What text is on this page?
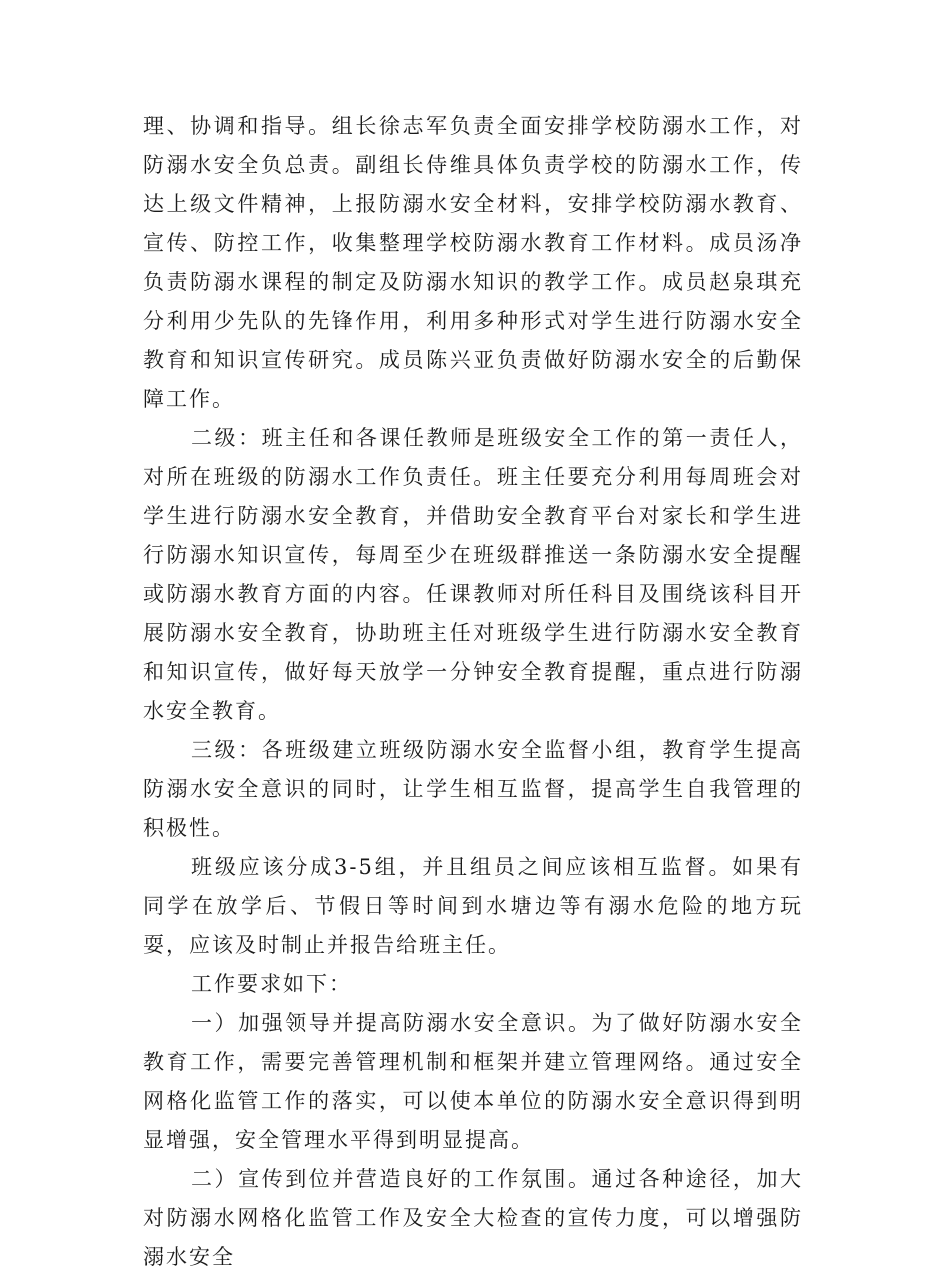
理、协调和指导。组长徐志军负责全面安排学校防溺水工作，对防溺水安全负总责。副组长侍维具体负责学校的防溺水工作，传达上级文件精神，上报防溺水安全材料，安排学校防溺水教育、宣传、防控工作，收集整理学校防溺水教育工作材料。成员汤净负责防溺水课程的制定及防溺水知识的教学工作。成员赵泉琪充分利用少先队的先锋作用，利用多种形式对学生进行防溺水安全教育和知识宣传研究。成员陈兴亚负责做好防溺水安全的后勤保障工作。

二级：班主任和各课任教师是班级安全工作的第一责任人，对所在班级的防溺水工作负责任。班主任要充分利用每周班会对学生进行防溺水安全教育，并借助安全教育平台对家长和学生进行防溺水知识宣传，每周至少在班级群推送一条防溺水安全提醒或防溺水教育方面的内容。任课教师对所任科目及围绕该科目开展防溺水安全教育，协助班主任对班级学生进行防溺水安全教育和知识宣传，做好每天放学一分钟安全教育提醒，重点进行防溺水安全教育。

三级：各班级建立班级防溺水安全监督小组，教育学生提高防溺水安全意识的同时，让学生相互监督，提高学生自我管理的积极性。

班级应该分成3-5组，并且组员之间应该相互监督。如果有同学在放学后、节假日等时间到水塘边等有溺水危险的地方玩耍，应该及时制止并报告给班主任。

工作要求如下：

一）加强领导并提高防溺水安全意识。为了做好防溺水安全教育工作，需要完善管理机制和框架并建立管理网络。通过安全网格化监管工作的落实，可以使本单位的防溺水安全意识得到明显增强，安全管理水平得到明显提高。

二）宣传到位并营造良好的工作氛围。通过各种途径，加大对防溺水网格化监管工作及安全大检查的宣传力度，可以增强防溺水安全
